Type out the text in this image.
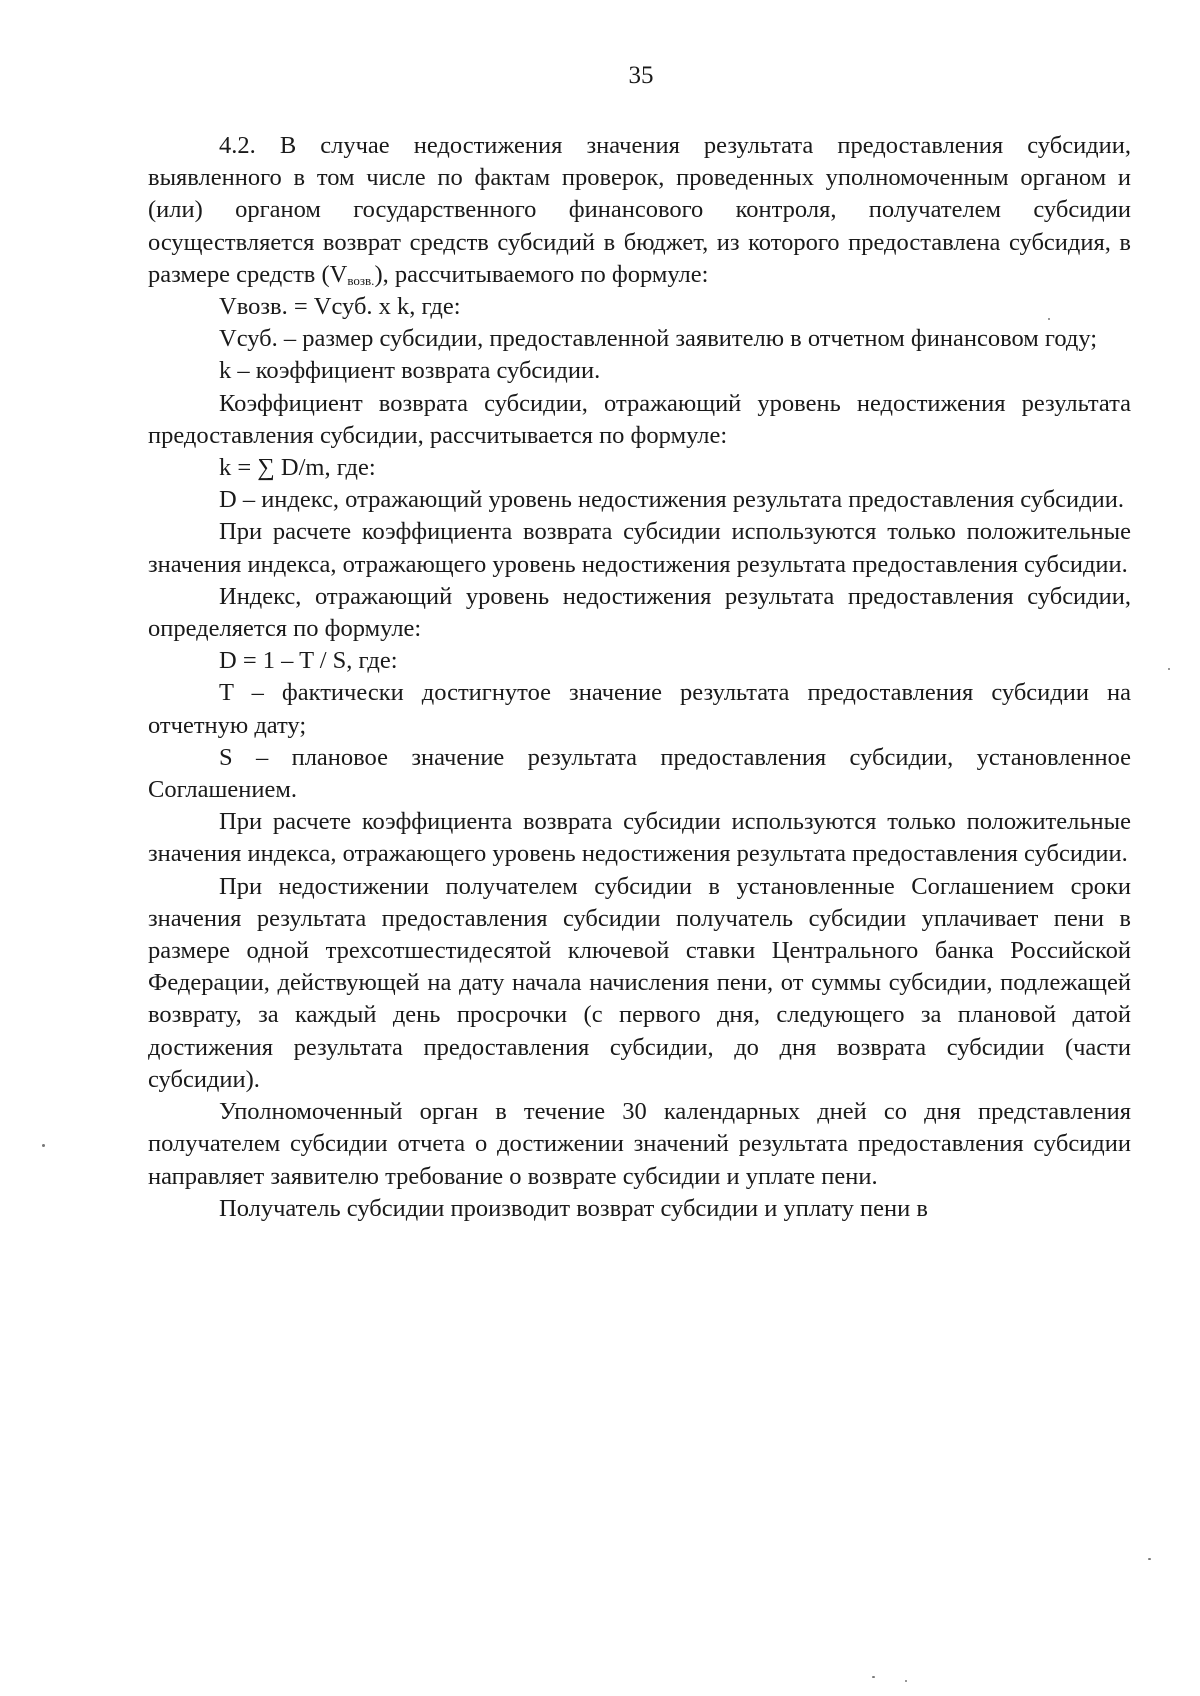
35

4.2. В случае недостижения значения результата предоставления субсидии, выявленного в том числе по фактам проверок, проведенных уполномоченным органом и (или) органом государственного финансового контроля, получателем субсидии осуществляется возврат средств субсидий в бюджет, из которого предоставлена субсидия, в размере средств $(V_{возв.})$, рассчитываемого по формуле:

Vвозв. = Vсуб. x k, где:

Vсуб. – размер субсидии, предоставленной заявителю в отчетном финансовом году;

k – коэффициент возврата субсидии.

Коэффициент возврата субсидии, отражающий уровень недостижения результата предоставления субсидии, рассчитывается по формуле:

k = ∑ D/m, где:

D – индекс, отражающий уровень недостижения результата предоставления субсидии.

При расчете коэффициента возврата субсидии используются только положительные значения индекса, отражающего уровень недостижения результата предоставления субсидии.

Индекс, отражающий уровень недостижения результата предоставления субсидии, определяется по формуле:

D = 1 – T / S, где:

T – фактически достигнутое значение результата предоставления субсидии на отчетную дату;

S – плановое значение результата предоставления субсидии, установленное Соглашением.

При расчете коэффициента возврата субсидии используются только положительные значения индекса, отражающего уровень недостижения результата предоставления субсидии.

При недостижении получателем субсидии в установленные Соглашением сроки значения результата предоставления субсидии получатель субсидии уплачивает пени в размере одной трехсотшестидесятой ключевой ставки Центрального банка Российской Федерации, действующей на дату начала начисления пени, от суммы субсидии, подлежащей возврату, за каждый день просрочки (с первого дня, следующего за плановой датой достижения результата предоставления субсидии, до дня возврата субсидии (части субсидии).

Уполномоченный орган в течение 30 календарных дней со дня представления получателем субсидии отчета о достижении значений результата предоставления субсидии направляет заявителю требование о возврате субсидии и уплате пени.

Получатель субсидии производит возврат субсидии и уплату пени в
